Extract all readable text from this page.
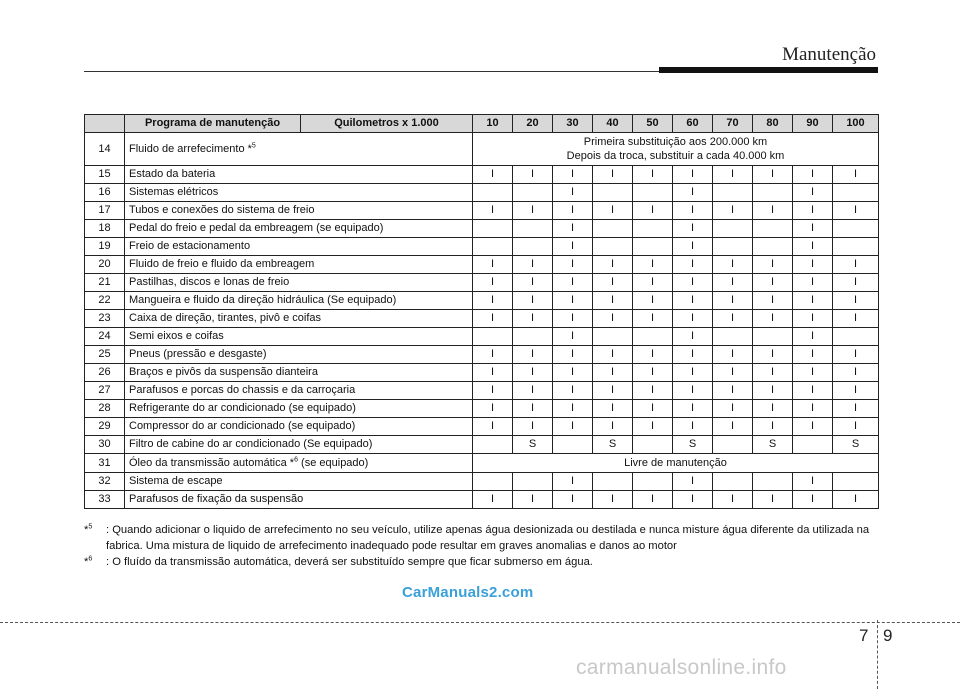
Manutenção
	Programa de manutenção	Quilometros x 1.000	10	20	30	40	50	60	70	80	90	100
14	Fluido de arrefecimento *$^5$		Primeira substituição aos 200.000 km
Depois da troca, substituir a cada 40.000 km									

15	Estado da bateria		I	I	I	I	I	I	I	I	I	I
16	Sistemas elétricos				I			I			I	
17	Tubos e conexões do sistema de freio		I	I	I	I	I	I	I	I	I	I
18	Pedal do freio e pedal da embreagem (se equipado)				I			I			I	
19	Freio de estacionamento				I			I			I	
20	Fluido de freio e fluido da embreagem		I	I	I	I	I	I	I	I	I	I
21	Pastilhas, discos e lonas de freio		I	I	I	I	I	I	I	I	I	I
22	Mangueira e fluido da direção hidráulica (Se equipado)		I	I	I	I	I	I	I	I	I	I
23	Caixa de direção, tirantes, pivô e coifas		I	I	I	I	I	I	I	I	I	I
24	Semi eixos e coifas				I			I			I	
25	Pneus (pressão e desgaste)		I	I	I	I	I	I	I	I	I	I
26	Braços e pivôs da suspensão dianteira		I	I	I	I	I	I	I	I	I	I
27	Parafusos e porcas do chassis e da carroçaria		I	I	I	I	I	I	I	I	I	I
28	Refrigerante do ar condicionado (se equipado)		I	I	I	I	I	I	I	I	I	I
29	Compressor do ar condicionado (se equipado)		I	I	I	I	I	I	I	I	I	I
30	Filtro de cabine do ar condicionado (Se equipado)			S		S		S		S		S
31	Óleo da transmissão automática *$^6$ (se equipado)		Livre de manutenção									

32	Sistema de escape				I			I			I	
33	Parafusos de fixação da suspensão		I	I	I	I	I	I	I	I	I	I
*$^5$	: Quando adicionar o liquido de arrefecimento no seu veículo, utilize apenas água desionizada ou destilada e nunca misture água diferente da utilizada na fabrica. Uma mistura de liquido de arrefecimento inadequado pode resultar em graves anomalias e danos ao motor
*$^6$	: O fluído da transmissão automática, deverá ser substituído sempre que ficar submerso em água.
CarManuals2.com
7 9
carmanualsonline.info
